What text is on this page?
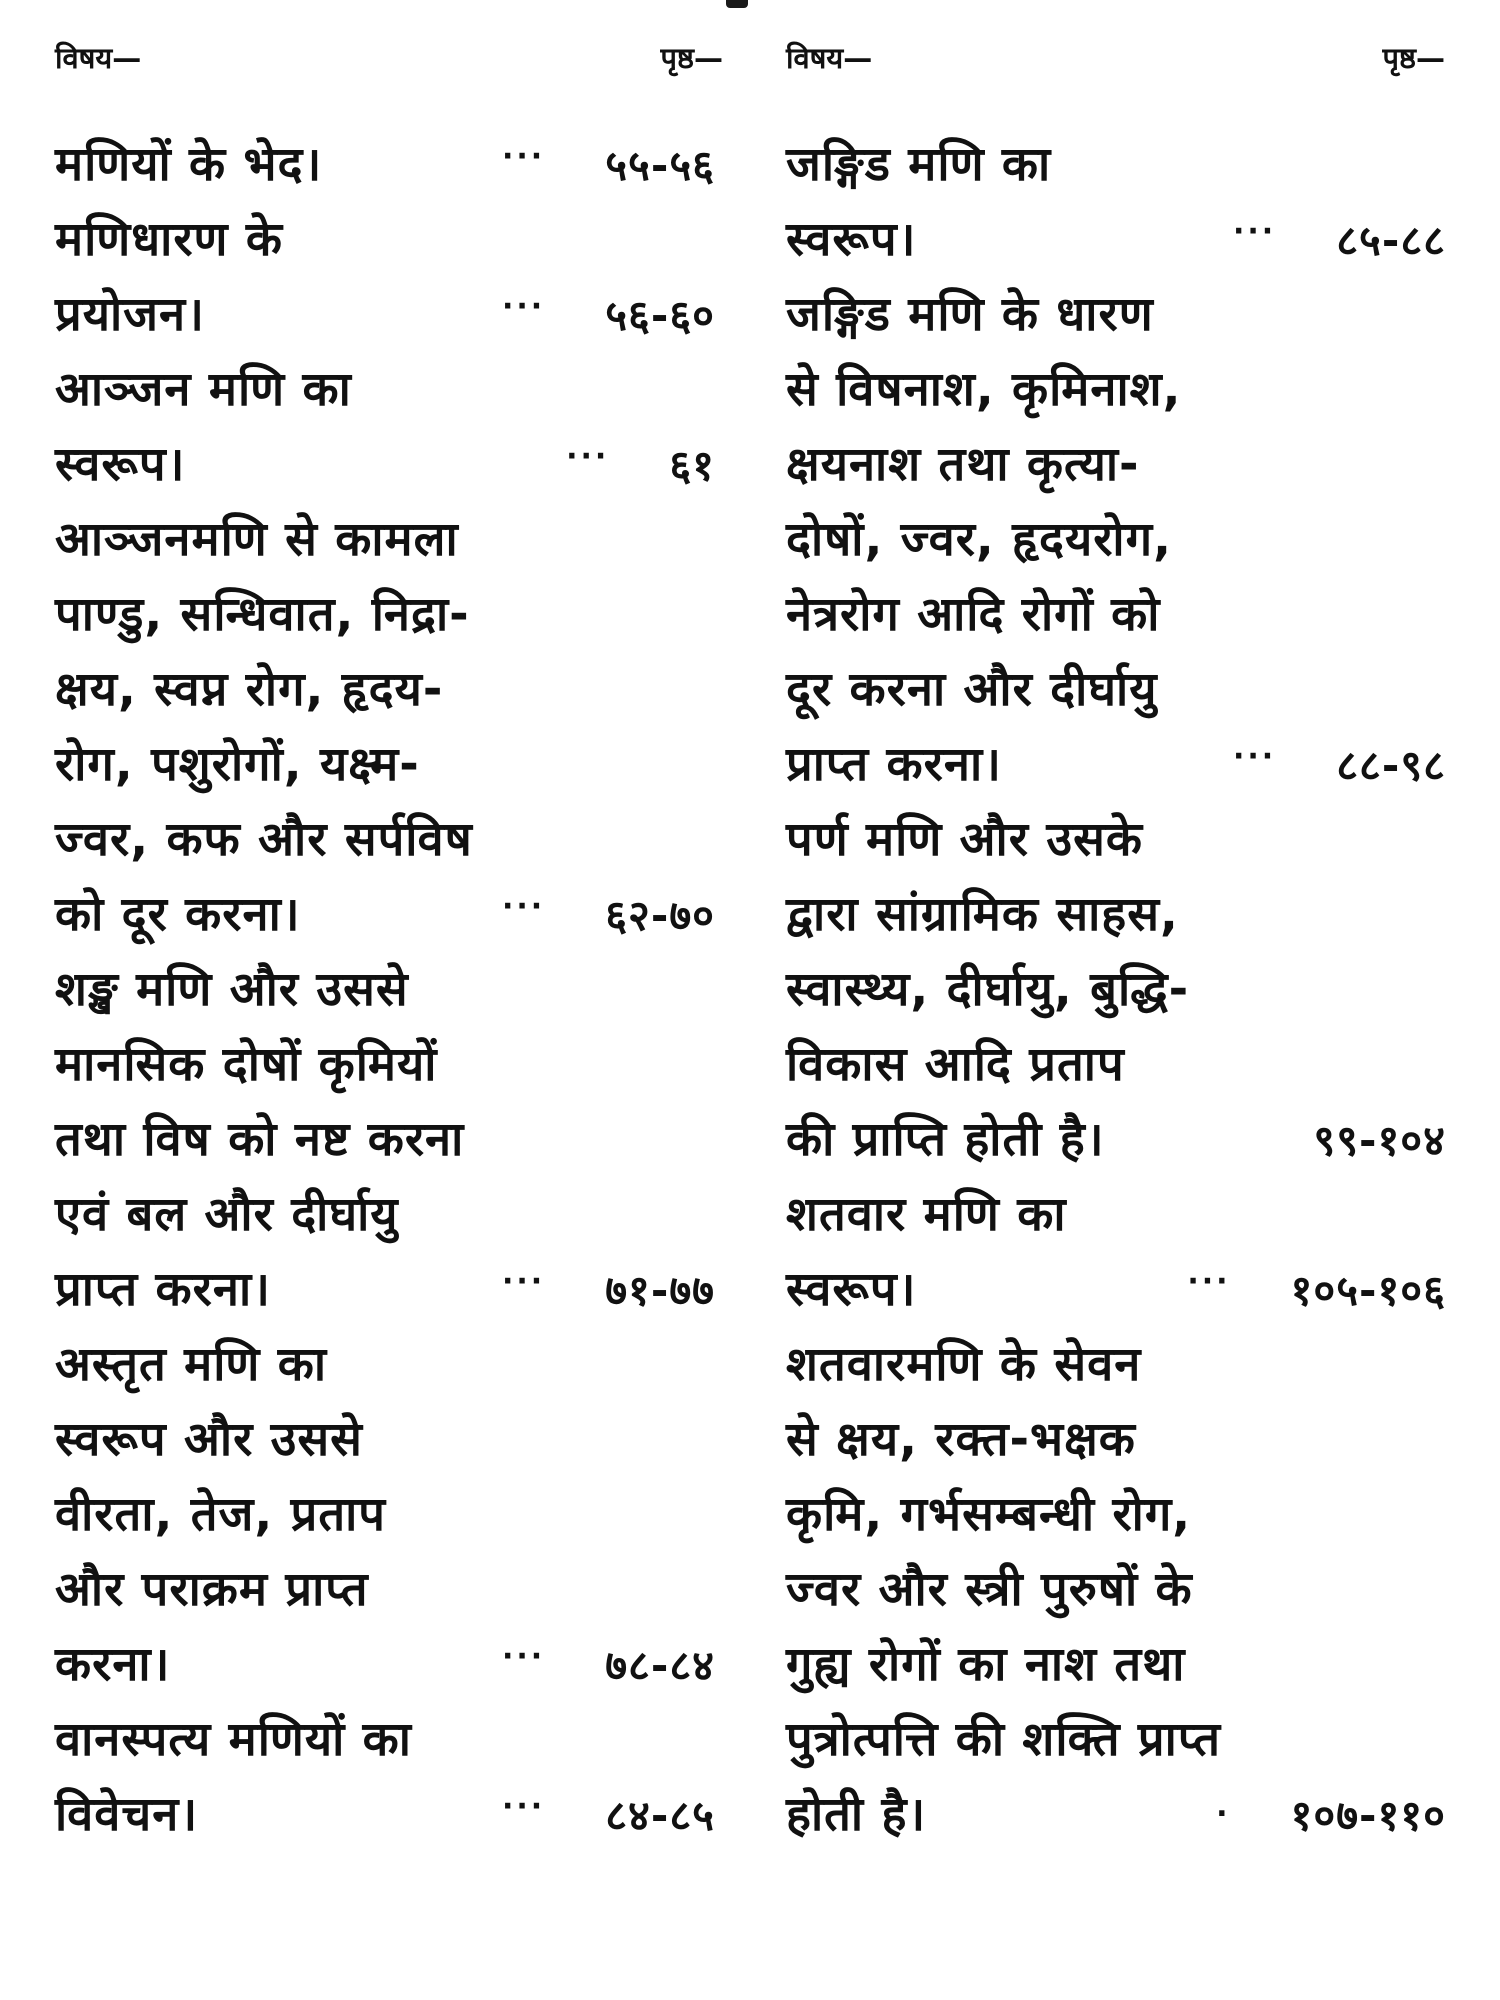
विषय—	पृष्ठ—
मणियों के भेद।	··· ५५-५६
मणिधारण के
प्रयोजन।	··· ५६-६०
आञ्जन मणि का
स्वरूप।	··· ६१
आञ्जनमणि से कामला
पाण्डु, सन्धिवात, निद्रा-
क्षय, स्वप्न रोग, हृदय-
रोग, पशुरोगों, यक्ष्म-
ज्वर, कफ और सर्पविष
को दूर करना।	··· ६२-७०
शङ्ख मणि और उससे
मानसिक दोषों कृमियों
तथा विष को नष्ट करना
एवं बल और दीर्घायु
प्राप्त करना।	··· ७१-७७
अस्तृत मणि का
स्वरूप और उससे
वीरता, तेज, प्रताप
और पराक्रम प्राप्त
करना।	··· ७८-८४
वानस्पत्य मणियों का
विवेचन।	··· ८४-८५
विषय—	पृष्ठ—
जङ्गिड मणि का
स्वरूप।	··· ८५-८८
जङ्गिड मणि के धारण
से विषनाश, कृमिनाश,
क्षयनाश तथा कृत्या-
दोषों, ज्वर, हृदयरोग,
नेत्ररोग आदि रोगों को
दूर करना और दीर्घायु
प्राप्त करना।	··· ८८-९८
पर्ण मणि और उसके
द्वारा सांग्रामिक साहस,
स्वास्थ्य, दीर्घायु, बुद्धि-
विकास आदि प्रताप
की प्राप्ति होती है।	९९-१०४
शतवार मणि का
स्वरूप।	··· १०५-१०६
शतवारमणि के सेवन
से क्षय, रक्त-भक्षक
कृमि, गर्भसम्बन्धी रोग,
ज्वर और स्त्री पुरुषों के
गुह्य रोगों का नाश तथा
पुत्रोत्पत्ति की शक्ति प्राप्त
होती है।	. १०७-११०
